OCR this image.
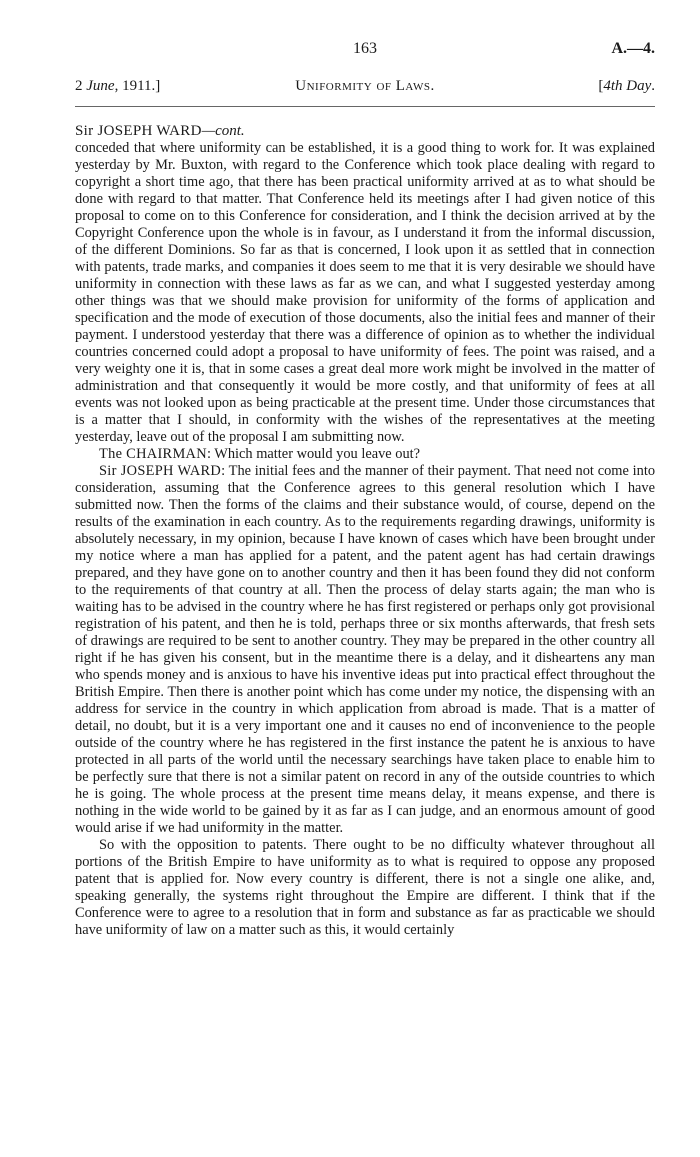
163	A.—4.
2 June, 1911.]	Uniformity of Laws.	[4th Day.
Sir JOSEPH WARD—cont.

conceded that where uniformity can be established, it is a good thing to work for. It was explained yesterday by Mr. Buxton, with regard to the Conference which took place dealing with regard to copyright a short time ago, that there has been practical uniformity arrived at as to what should be done with regard to that matter. That Conference held its meetings after I had given notice of this proposal to come on to this Conference for consideration, and I think the decision arrived at by the Copyright Conference upon the whole is in favour, as I understand it from the informal discussion, of the different Dominions. So far as that is concerned, I look upon it as settled that in connection with patents, trade marks, and companies it does seem to me that it is very desirable we should have uniformity in connection with these laws as far as we can, and what I suggested yesterday among other things was that we should make provision for uniformity of the forms of application and specification and the mode of execution of those documents, also the initial fees and manner of their payment. I understood yesterday that there was a difference of opinion as to whether the individual countries concerned could adopt a proposal to have uniformity of fees. The point was raised, and a very weighty one it is, that in some cases a great deal more work might be involved in the matter of administration and that consequently it would be more costly, and that uniformity of fees at all events was not looked upon as being practicable at the present time. Under those circumstances that is a matter that I should, in conformity with the wishes of the representatives at the meeting yesterday, leave out of the proposal I am submitting now.

The CHAIRMAN: Which matter would you leave out?

Sir JOSEPH WARD: The initial fees and the manner of their payment. That need not come into consideration, assuming that the Conference agrees to this general resolution which I have submitted now. Then the forms of the claims and their substance would, of course, depend on the results of the examination in each country. As to the requirements regarding drawings, uniformity is absolutely necessary, in my opinion, because I have known of cases which have been brought under my notice where a man has applied for a patent, and the patent agent has had certain drawings prepared, and they have gone on to another country and then it has been found they did not conform to the requirements of that country at all. Then the process of delay starts again; the man who is waiting has to be advised in the country where he has first registered or perhaps only got provisional registration of his patent, and then he is told, perhaps three or six months afterwards, that fresh sets of drawings are required to be sent to another country. They may be prepared in the other country all right if he has given his consent, but in the meantime there is a delay, and it disheartens any man who spends money and is anxious to have his inventive ideas put into practical effect throughout the British Empire. Then there is another point which has come under my notice, the dispensing with an address for service in the country in which application from abroad is made. That is a matter of detail, no doubt, but it is a very important one and it causes no end of inconvenience to the people outside of the country where he has registered in the first instance the patent he is anxious to have protected in all parts of the world until the necessary searchings have taken place to enable him to be perfectly sure that there is not a similar patent on record in any of the outside countries to which he is going. The whole process at the present time means delay, it means expense, and there is nothing in the wide world to be gained by it as far as I can judge, and an enormous amount of good would arise if we had uniformity in the matter.

So with the opposition to patents. There ought to be no difficulty whatever throughout all portions of the British Empire to have uniformity as to what is required to oppose any proposed patent that is applied for. Now every country is different, there is not a single one alike, and, speaking generally, the systems right throughout the Empire are different. I think that if the Conference were to agree to a resolution that in form and substance as far as practicable we should have uniformity of law on a matter such as this, it would certainly
